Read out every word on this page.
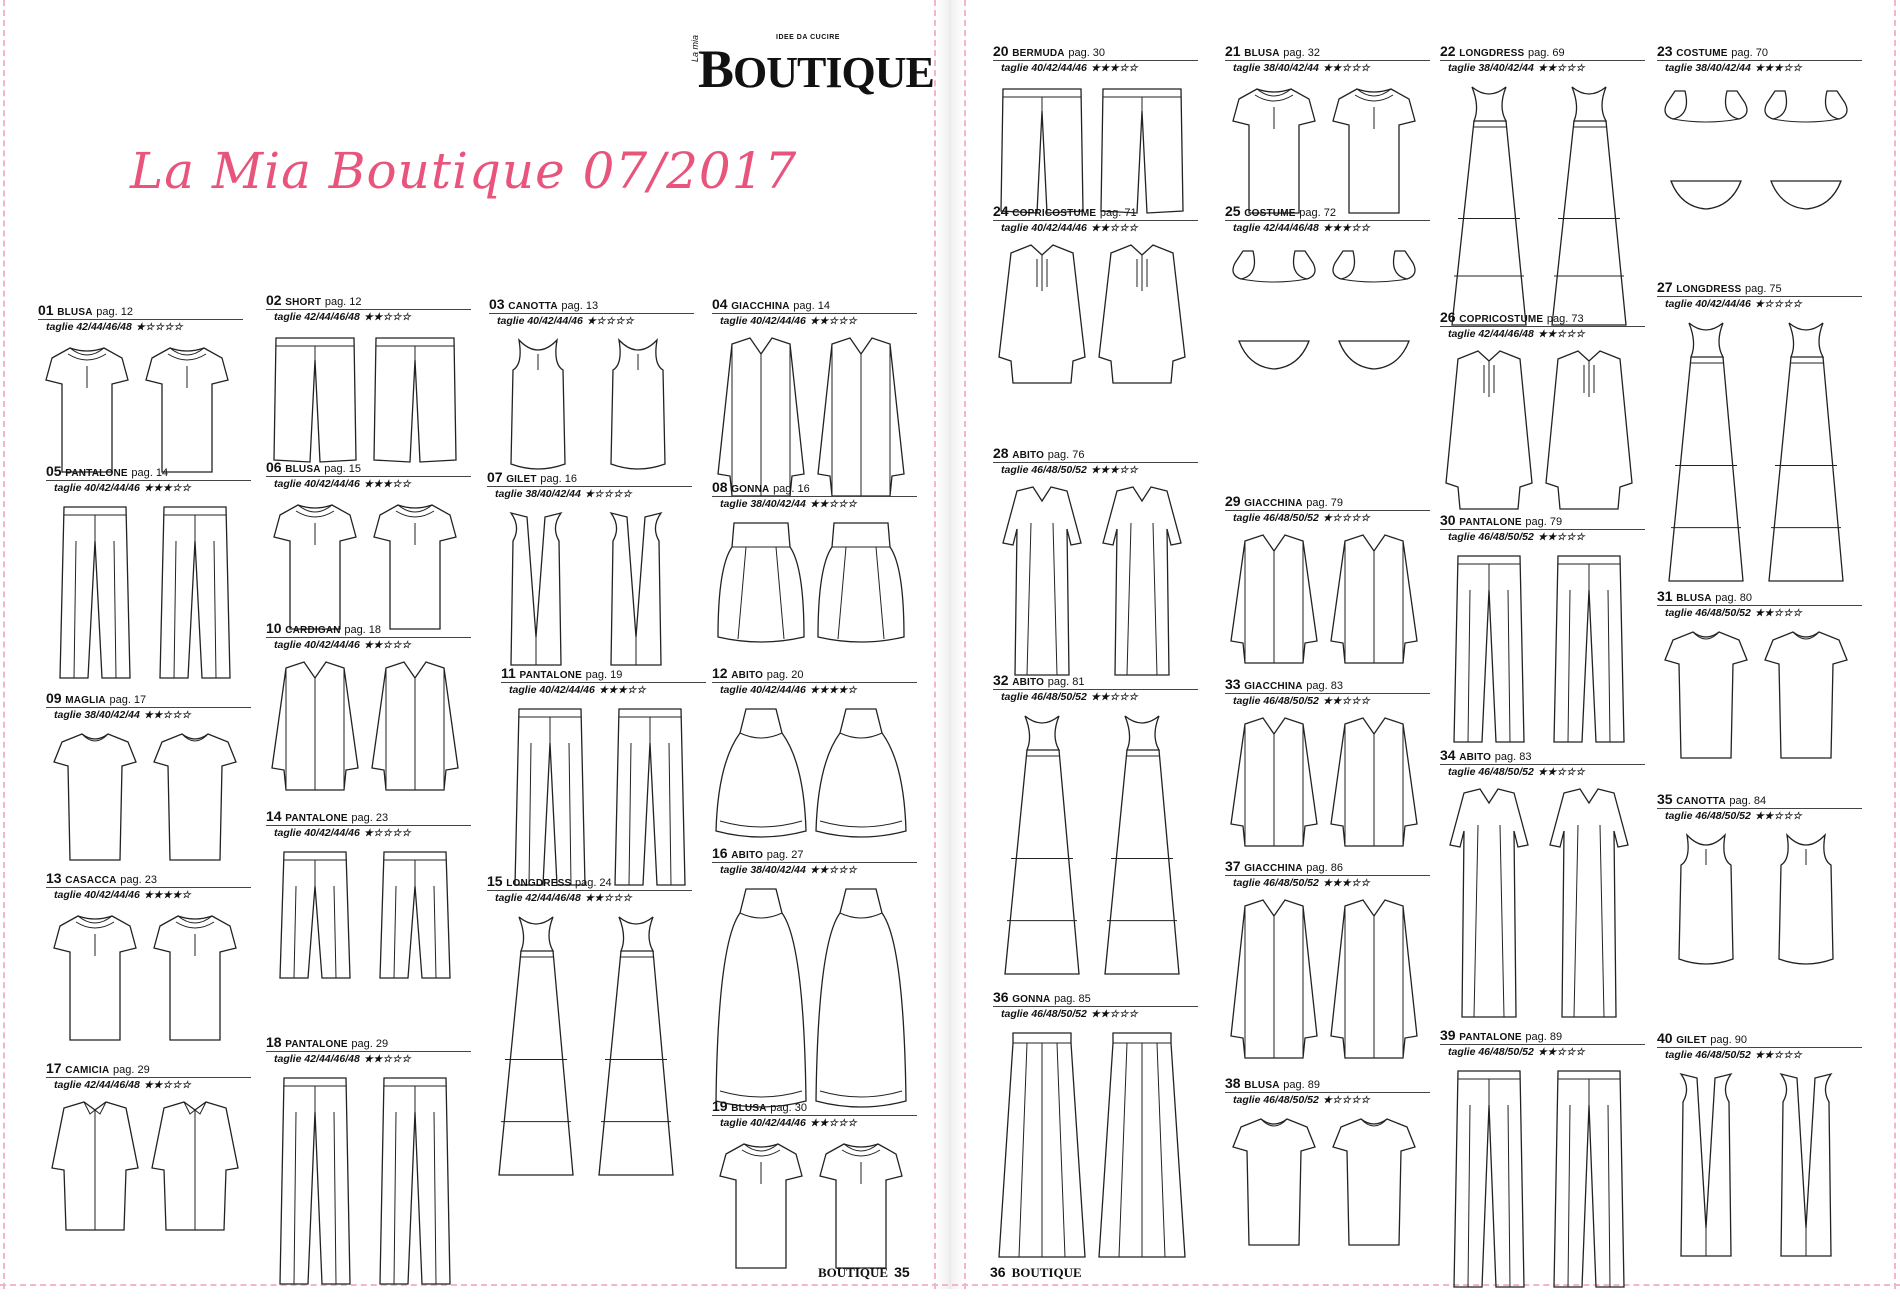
IDEE DA CUCIRE
La mia
BOUTIQUE
La Mia Boutique 07/2017
01 BLUSA pag. 12
taglie 42/44/46/48 ★☆☆☆☆
02 SHORT pag. 12
taglie 42/44/46/48 ★★☆☆☆
03 CANOTTA pag. 13
taglie 40/42/44/46 ★☆☆☆☆
04 GIACCHINA pag. 14
taglie 40/42/44/46 ★★☆☆☆
05 PANTALONE pag. 14
taglie 40/42/44/46 ★★★☆☆
06 BLUSA pag. 15
taglie 40/42/44/46 ★★★☆☆	07 GILET pag. 16
taglie 38/40/42/44 ★☆☆☆☆	08 GONNA pag. 16
taglie 38/40/42/44 ★★☆☆☆
09 MAGLIA pag. 17
taglie 38/40/42/44 ★★☆☆☆
10 CARDIGAN pag. 18
taglie 40/42/44/46 ★★☆☆☆
11 PANTALONE pag. 19
taglie 40/42/44/46 ★★★☆☆
12 ABITO pag. 20
taglie 40/42/44/46 ★★★★☆
13 CASACCA pag. 23
taglie 40/42/44/46 ★★★★☆
14 PANTALONE pag. 23
taglie 40/42/44/46 ★☆☆☆☆
15 LONGDRESS pag. 24
taglie 42/44/46/48 ★★☆☆☆
16 ABITO pag. 27
taglie 38/40/42/44 ★★☆☆☆
17 CAMICIA pag. 29
taglie 42/44/46/48 ★★☆☆☆
18 PANTALONE pag. 29
taglie 42/44/46/48 ★★☆☆☆
19 BLUSA pag. 30
taglie 40/42/44/46 ★★☆☆☆
20 BERMUDA pag. 30
taglie 40/42/44/46 ★★★☆☆
21 BLUSA pag. 32
taglie 38/40/42/44 ★★☆☆☆
22 LONGDRESS pag. 69
taglie 38/40/42/44 ★★☆☆☆
23 COSTUME pag. 70
taglie 38/40/42/44 ★★★☆☆
24 COPRICOSTUME pag. 71
taglie 40/42/44/46 ★★☆☆☆
25 COSTUME pag. 72
taglie 42/44/46/48 ★★★☆☆
26 COPRICOSTUME pag. 73
taglie 42/44/46/48 ★★☆☆☆
27 LONGDRESS pag. 75
taglie 40/42/44/46 ★☆☆☆☆
28 ABITO pag. 76
taglie 46/48/50/52 ★★★☆☆
29 GIACCHINA pag. 79
taglie 46/48/50/52 ★☆☆☆☆	30 PANTALONE pag. 79
taglie 46/48/50/52 ★★☆☆☆
31 BLUSA pag. 80
taglie 46/48/50/52 ★★☆☆☆
32 ABITO pag. 81
taglie 46/48/50/52 ★★☆☆☆
33 GIACCHINA pag. 83
taglie 46/48/50/52 ★★☆☆☆
34 ABITO pag. 83
taglie 46/48/50/52 ★★☆☆☆
35 CANOTTA pag. 84
taglie 46/48/50/52 ★★☆☆☆
36 GONNA pag. 85
taglie 46/48/50/52 ★★☆☆☆
37 GIACCHINA pag. 86
taglie 46/48/50/52 ★★★☆☆
38 BLUSA pag. 89
taglie 46/48/50/52 ★☆☆☆☆
39 PANTALONE pag. 89
taglie 46/48/50/52 ★★☆☆☆
40 GILET pag. 90
taglie 46/48/50/52 ★★☆☆☆
BOUTIQUE 35	36 BOUTIQUE
